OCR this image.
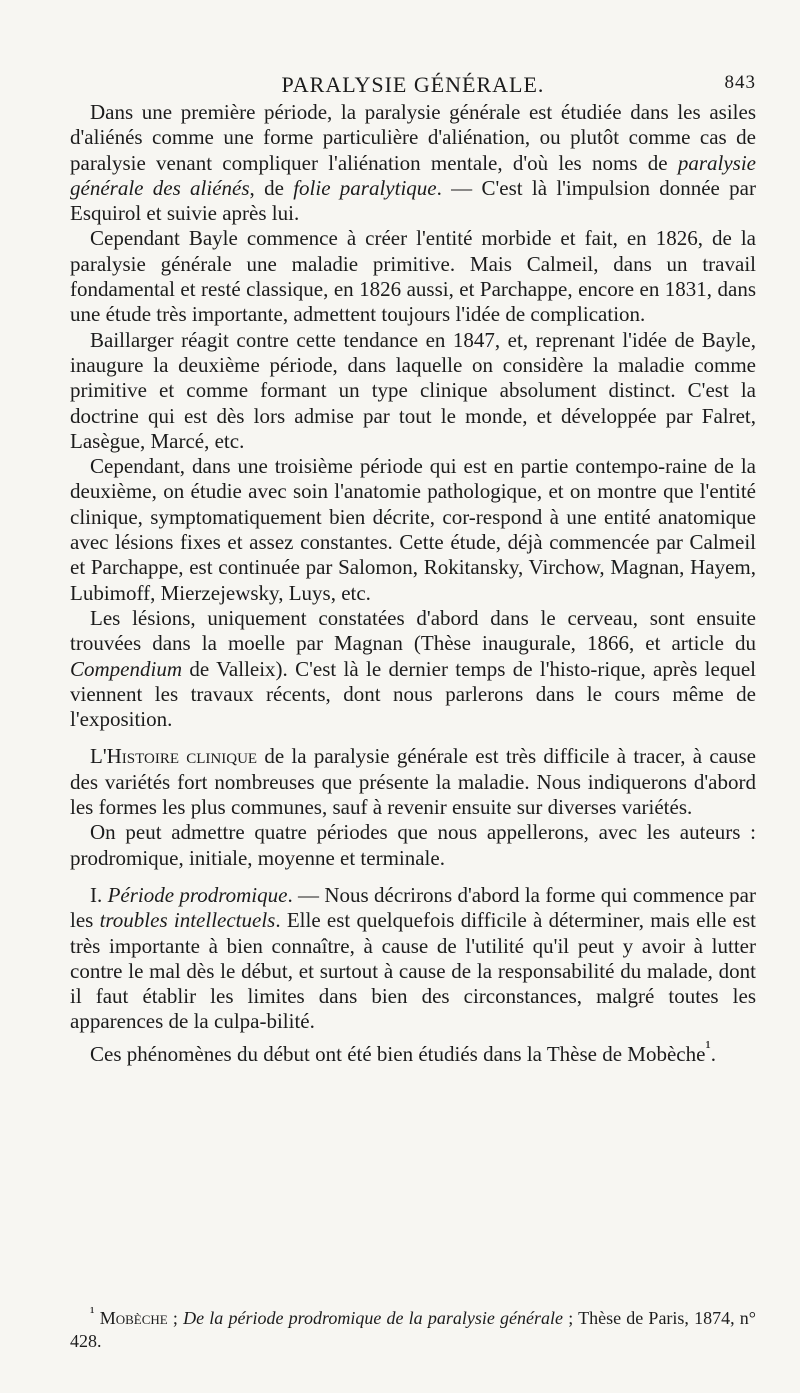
PARALYSIE GÉNÉRALE.	843

Dans une première période, la paralysie générale est étudiée dans les asiles d'aliénés comme une forme particulière d'aliénation, ou plutôt comme cas de paralysie venant compliquer l'aliénation mentale, d'où les noms de paralysie générale des aliénés, de folie paralytique. — C'est là l'impulsion donnée par Esquirol et suivie après lui.

Cependant Bayle commence à créer l'entité morbide et fait, en 1826, de la paralysie générale une maladie primitive. Mais Calmeil, dans un travail fondamental et resté classique, en 1826 aussi, et Parchappe, encore en 1831, dans une étude très importante, admettent toujours l'idée de complication.

Baillarger réagit contre cette tendance en 1847, et, reprenant l'idée de Bayle, inaugure la deuxième période, dans laquelle on considère la maladie comme primitive et comme formant un type clinique absolument distinct. C'est la doctrine qui est dès lors admise par tout le monde, et développée par Falret, Lasègue, Marcé, etc.

Cependant, dans une troisième période qui est en partie contempo-raine de la deuxième, on étudie avec soin l'anatomie pathologique, et on montre que l'entité clinique, symptomatiquement bien décrite, cor-respond à une entité anatomique avec lésions fixes et assez constantes. Cette étude, déjà commencée par Calmeil et Parchappe, est continuée par Salomon, Rokitansky, Virchow, Magnan, Hayem, Lubimoff, Mierzejewsky, Luys, etc.

Les lésions, uniquement constatées d'abord dans le cerveau, sont ensuite trouvées dans la moelle par Magnan (Thèse inaugurale, 1866, et article du Compendium de Valleix). C'est là le dernier temps de l'histo-rique, après lequel viennent les travaux récents, dont nous parlerons dans le cours même de l'exposition.

L'Histoire clinique de la paralysie générale est très difficile à tracer, à cause des variétés fort nombreuses que présente la maladie. Nous indiquerons d'abord les formes les plus communes, sauf à revenir ensuite sur diverses variétés.

On peut admettre quatre périodes que nous appellerons, avec les auteurs : prodromique, initiale, moyenne et terminale.

I. Période prodromique. — Nous décrirons d'abord la forme qui commence par les troubles intellectuels. Elle est quelquefois difficile à déterminer, mais elle est très importante à bien connaître, à cause de l'utilité qu'il peut y avoir à lutter contre le mal dès le début, et surtout à cause de la responsabilité du malade, dont il faut établir les limites dans bien des circonstances, malgré toutes les apparences de la culpa-bilité.

Ces phénomènes du début ont été bien étudiés dans la Thèse de Mobèche$^{^1}$.

$^{^1}$ Mobèche ; De la période prodromique de la paralysie générale ; Thèse de Paris, 1874, n° 428.
